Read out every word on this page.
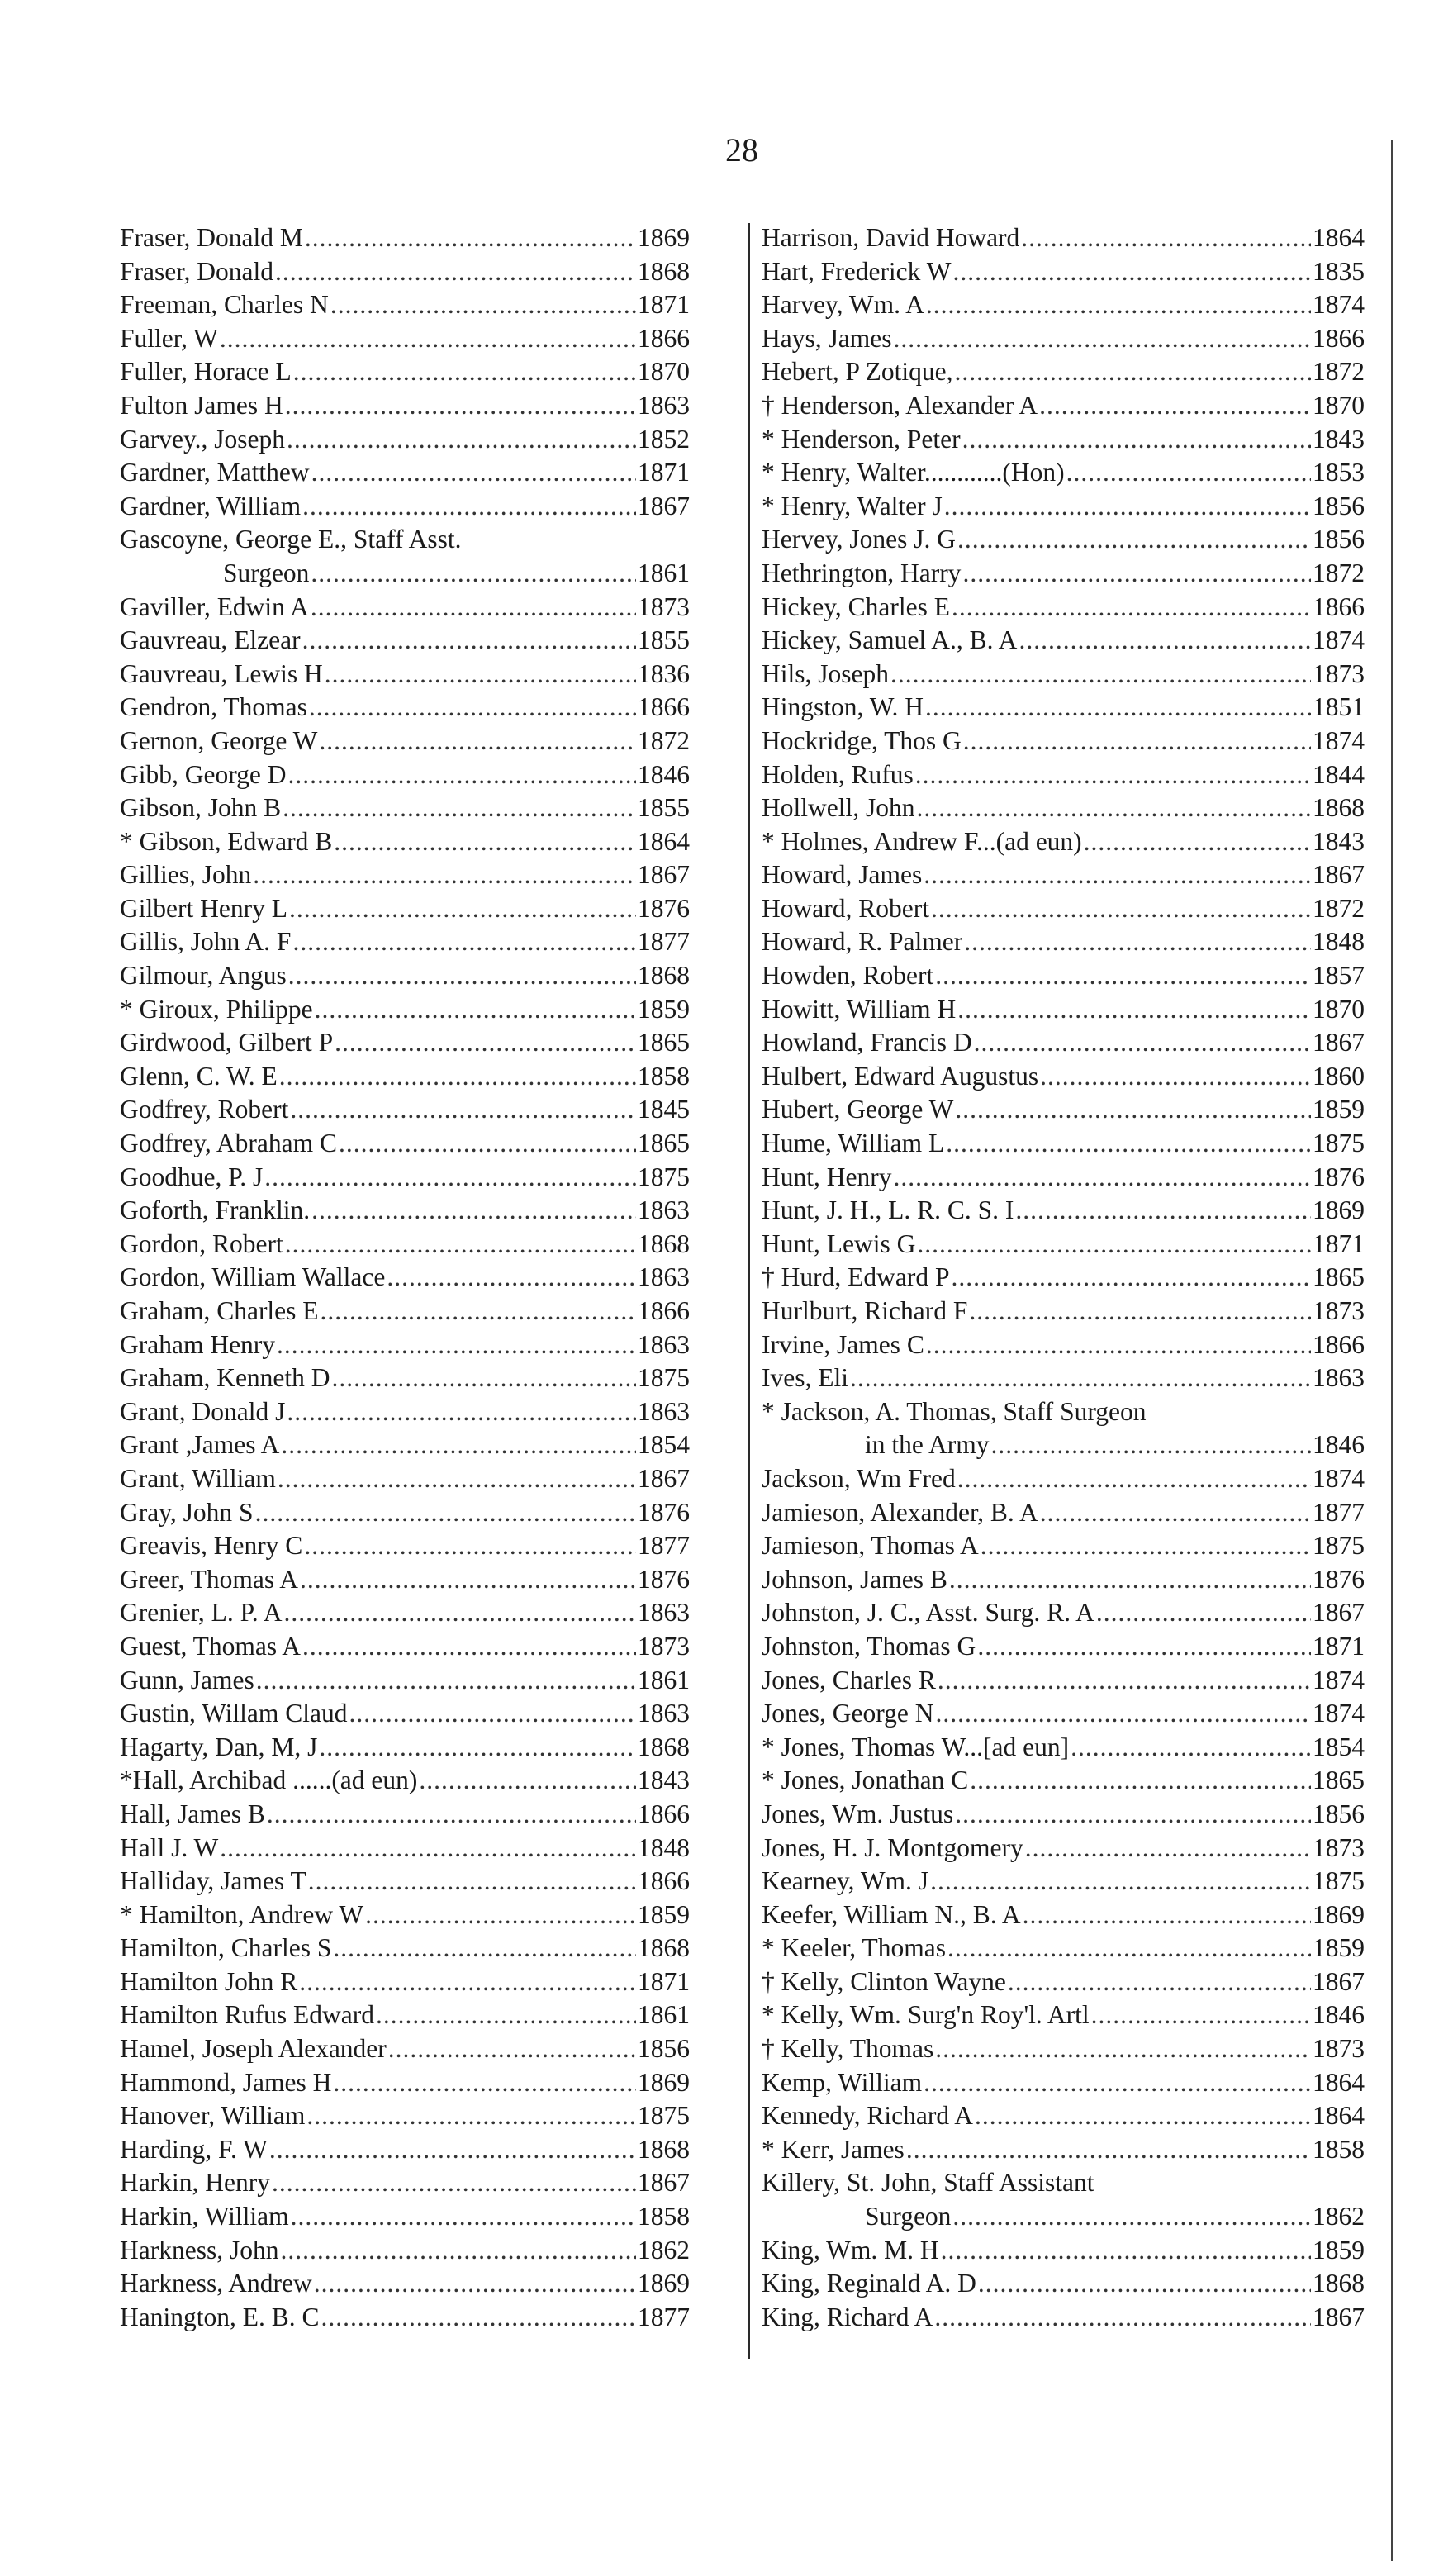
28
Fraser, Donald M .....	1869
Fraser, Donald .....	1868
Freeman, Charles N .....	1871
Fuller, W .....	1866
Fuller, Horace L .....	1870
Fulton James H .....	1863
Garvey., Joseph .....	1852
Gardner, Matthew .....	1871
Gardner, William .....	1867
Gascoyne, George E., Staff Asst.
Surgeon .....	1861
Gaviller, Edwin A .....	1873
Gauvreau, Elzear .....	1855
Gauvreau, Lewis H .....	1836
Gendron, Thomas .....	1866
Gernon, George W .....	1872
Gibb, George D .....	1846
Gibson, John B .....	1855
* Gibson, Edward B .....	1864
Gillies, John .....	1867
Gilbert Henry L .....	1876
Gillis, John A. F .....	1877
Gilmour, Angus .....	1868
* Giroux, Philippe .....	1859
Girdwood, Gilbert P .....	1865
Glenn, C. W. E .....	1858
Godfrey, Robert .....	1845
Godfrey, Abraham C .....	1865
Goodhue, P. J .....	1875
Goforth, Franklin. .....	1863
Gordon, Robert .....	1868
Gordon, William Wallace .....	1863
Graham, Charles E .....	1866
Graham Henry .....	1863
Graham, Kenneth D .....	1875
Grant, Donald J .....	1863
Grant ,James A .....	1854
Grant, William .....	1867
Gray, John S .....	1876
Greavis, Henry C .....	1877
Greer, Thomas A .....	1876
Grenier, L. P. A .....	1863
Guest, Thomas A .....	1873
Gunn, James .....	1861
Gustin, Willam Claud .....	1863
Hagarty, Dan, M, J .....	1868
*Hall, Archibad ......(ad eun) .....	1843
Hall, James B .....	1866
Hall J. W .....	1848
Halliday, James T .....	1866
* Hamilton, Andrew W .....	1859
Hamilton, Charles S .....	1868
Hamilton John R .....	1871
Hamilton Rufus Edward .....	1861
Hamel, Joseph Alexander .....	1856
Hammond, James H .....	1869
Hanover, William .....	1875
Harding, F. W .....	1868
Harkin, Henry .....	1867
Harkin, William .....	1858
Harkness, John .....	1862
Harkness, Andrew .....	1869
Hanington, E. B. C .....	1877
Harrison, David Howard .....	1864
Hart, Frederick W .....	1835
Harvey, Wm. A .....	1874
Hays, James .....	1866
Hebert, P Zotique, .....	1872
† Henderson, Alexander A .....	1870
* Henderson, Peter .....	1843
* Henry, Walter............(Hon) .....	1853
* Henry, Walter J .....	1856
Hervey, Jones J. G .....	1856
Hethrington, Harry .....	1872
Hickey, Charles E .....	1866
Hickey, Samuel A., B. A .....	1874
Hils, Joseph .....	1873
Hingston, W. H .....	1851
Hockridge, Thos G .....	1874
Holden, Rufus .....	1844
Hollwell, John .....	1868
* Holmes, Andrew F...(ad eun) .....	1843
Howard, James .....	1867
Howard, Robert .....	1872
Howard, R. Palmer .....	1848
Howden, Robert .....	1857
Howitt, William H .....	1870
Howland, Francis D .....	1867
Hulbert, Edward Augustus .....	1860
Hubert, George W .....	1859
Hume, William L .....	1875
Hunt, Henry .....	1876
Hunt, J. H., L. R. C. S. I .....	1869
Hunt, Lewis G .....	1871
† Hurd, Edward P .....	1865
Hurlburt, Richard F .....	1873
Irvine, James C .....	1866
Ives, Eli .....	1863
* Jackson, A. Thomas, Staff Surgeon
in the Army .....	1846
Jackson, Wm Fred .....	1874
Jamieson, Alexander, B. A .....	1877
Jamieson, Thomas A .....	1875
Johnson, James B .....	1876
Johnston, J. C., Asst. Surg. R. A .....	1867
Johnston, Thomas G .....	1871
Jones, Charles R .....	1874
Jones, George N .....	1874
* Jones, Thomas W...[ad eun] .....	1854
* Jones, Jonathan C .....	1865
Jones, Wm. Justus .....	1856
Jones, H. J. Montgomery .....	1873
Kearney, Wm. J .....	1875
Keefer, William N., B. A .....	1869
* Keeler, Thomas .....	1859
† Kelly, Clinton Wayne .....	1867
* Kelly, Wm. Surg'n Roy'l. Artl .....	1846
† Kelly, Thomas .....	1873
Kemp, William .....	1864
Kennedy, Richard A .....	1864
* Kerr, James .....	1858
Killery, St. John, Staff Assistant
Surgeon .....	1862
King, Wm. M. H .....	1859
King, Reginald A. D .....	1868
King, Richard A .....	1867
